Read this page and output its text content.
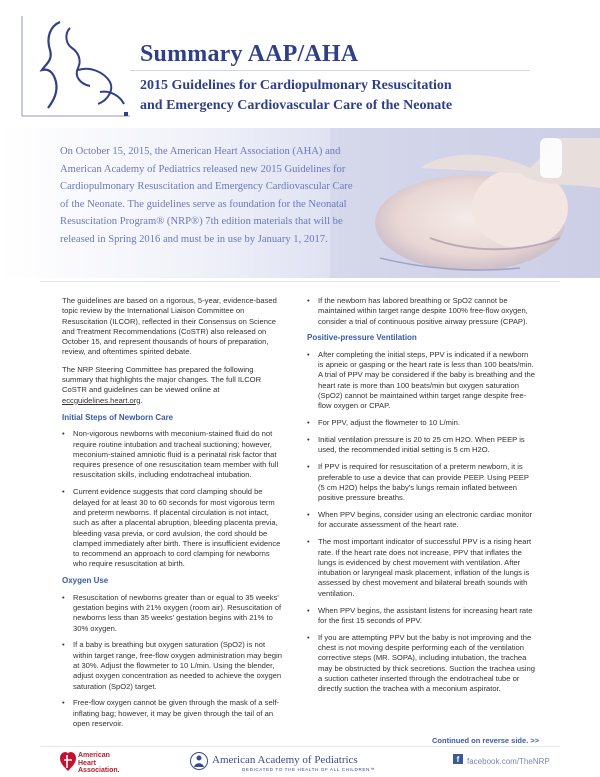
Summary AAP/AHA
2015 Guidelines for Cardiopulmonary Resuscitation
and Emergency Cardiovascular Care of the Neonate
On October 15, 2015, the American Heart Association (AHA) and American Academy of Pediatrics released new 2015 Guidelines for Cardiopulmonary Resuscitation and Emergency Cardiovascular Care of the Neonate. The guidelines serve as foundation for the Neonatal Resuscitation Program® (NRP®) 7th edition materials that will be released in Spring 2016 and must be in use by January 1, 2017.

The guidelines are based on a rigorous, 5-year, evidence-based topic review by the International Liaison Committee on Resuscitation (ILCOR), reflected in their Consensus on Science and Treatment Recommendations (CoSTR) also released on October 15, and represent thousands of hours of preparation, review, and oftentimes spirited debate.

The NRP Steering Committee has prepared the following summary that highlights the major changes. The full ILCOR CoSTR and guidelines can be viewed online at eccguidelines.heart.org.

Initial Steps of Newborn Care
• Non-vigorous newborns with meconium-stained fluid do not require routine intubation and tracheal suctioning; however, meconium-stained amniotic fluid is a perinatal risk factor that requires presence of one resuscitation team member with full resuscitation skills, including endotracheal intubation.
• Current evidence suggests that cord clamping should be delayed for at least 30 to 60 seconds for most vigorous term and preterm newborns. If placental circulation is not intact, such as after a placental abruption, bleeding placenta previa, bleeding vasa previa, or cord avulsion, the cord should be clamped immediately after birth. There is insufficient evidence to recommend an approach to cord clamping for newborns who require resuscitation at birth.
Oxygen Use
• Resuscitation of newborns greater than or equal to 35 weeks' gestation begins with 21% oxygen (room air). Resuscitation of newborns less than 35 weeks' gestation begins with 21% to 30% oxygen.
• If a baby is breathing but oxygen saturation (SpO2) is not within target range, free-flow oxygen administration may begin at 30%. Adjust the flowmeter to 10 L/min. Using the blender, adjust oxygen concentration as needed to achieve the oxygen saturation (SpO2) target.
• Free-flow oxygen cannot be given through the mask of a self-inflating bag; however, it may be given through the tail of an open reservoir.
• If the newborn has labored breathing or SpO2 cannot be maintained within target range despite 100% free-flow oxygen, consider a trial of continuous positive airway pressure (CPAP).
Positive-pressure Ventilation
• After completing the initial steps, PPV is indicated if a newborn is apneic or gasping or the heart rate is less than 100 beats/min. A trial of PPV may be considered if the baby is breathing and the heart rate is more than 100 beats/min but oxygen saturation (SpO2) cannot be maintained within target range despite free-flow oxygen or CPAP.
• For PPV, adjust the flowmeter to 10 L/min.
• Initial ventilation pressure is 20 to 25 cm H2O. When PEEP is used, the recommended initial setting is 5 cm H2O.
• If PPV is required for resuscitation of a preterm newborn, it is preferable to use a device that can provide PEEP. Using PEEP (5 cm H2O) helps the baby's lungs remain inflated between positive pressure breaths.
• When PPV begins, consider using an electronic cardiac monitor for accurate assessment of the heart rate.
• The most important indicator of successful PPV is a rising heart rate. If the heart rate does not increase, PPV that inflates the lungs is evidenced by chest movement with ventilation. After intubation or laryngeal mask placement, inflation of the lungs is assessed by chest movement and bilateral breath sounds with ventilation.
• When PPV begins, the assistant listens for increasing heart rate for the first 15 seconds of PPV.
• If you are attempting PPV but the baby is not improving and the chest is not moving despite performing each of the ventilation corrective steps (MR. SOPA), including intubation, the trachea may be obstructed by thick secretions. Suction the trachea using a suction catheter inserted through the endotracheal tube or directly suction the trachea with a meconium aspirator.
Continued on reverse side. >>
American
Heart
Association.
American Academy of Pediatrics
DEDICATED TO THE HEALTH OF ALL CHILDREN™
f facebook.com/TheNRP
